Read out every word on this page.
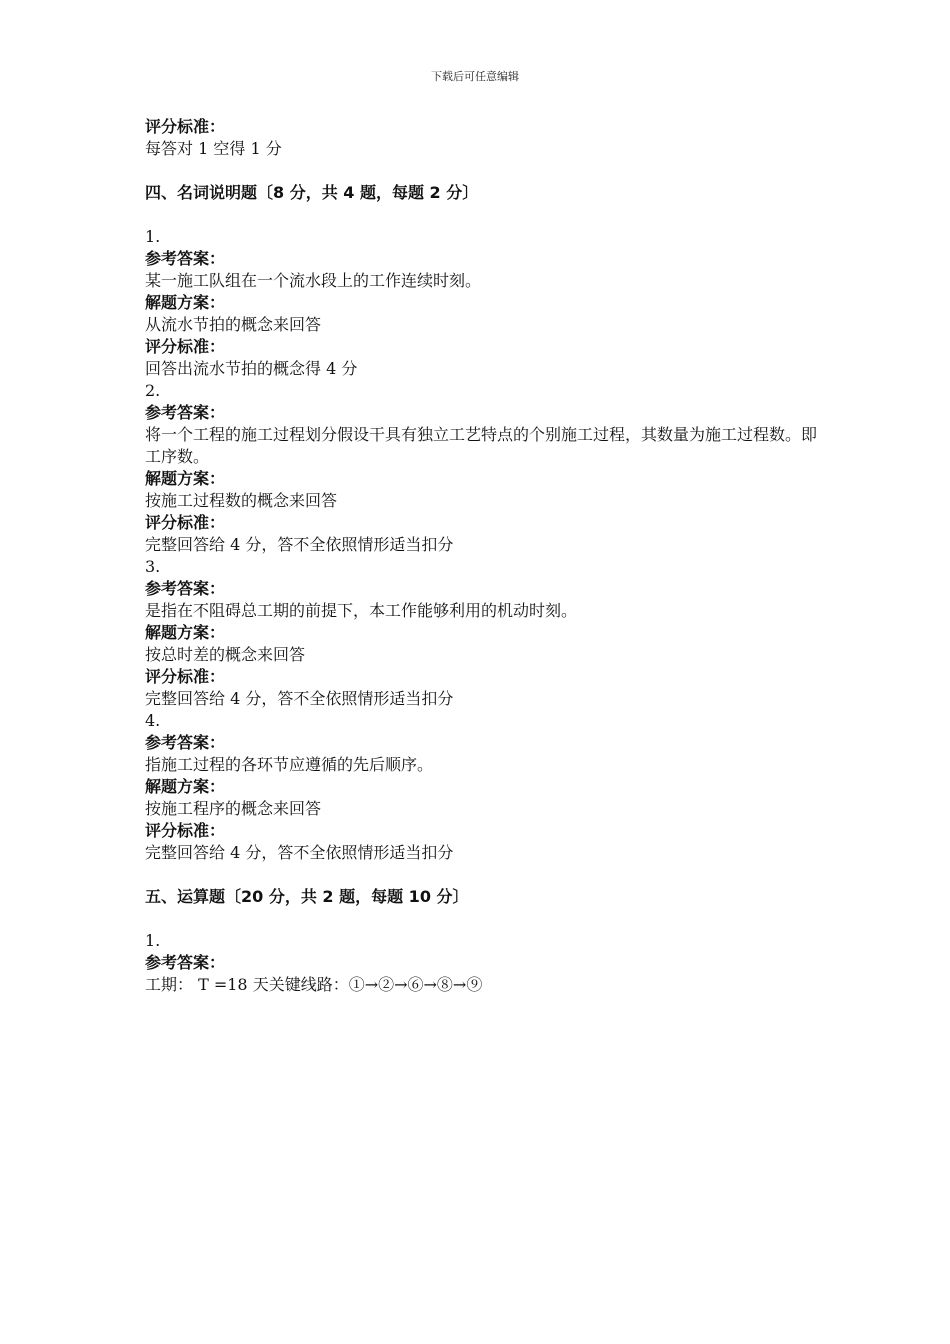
下载后可任意编辑

评分标准：

每答对 1 空得 1 分

四、名词说明题〔8 分，共 4 题，每题 2 分〕

1.

参考答案：

某一施工队组在一个流水段上的工作连续时刻。

解题方案：

从流水节拍的概念来回答

评分标准：

回答出流水节拍的概念得 4 分

2.

参考答案：

将一个工程的施工过程划分假设干具有独立工艺特点的个别施工过程，其数量为施工过程数。即工序数。

解题方案：

按施工过程数的概念来回答

评分标准：

完整回答给 4 分，答不全依照情形适当扣分

3.

参考答案：

是指在不阻碍总工期的前提下，本工作能够利用的机动时刻。

解题方案：

按总时差的概念来回答

评分标准：

完整回答给 4 分，答不全依照情形适当扣分

4.

参考答案：

指施工过程的各环节应遵循的先后顺序。

解题方案：

按施工程序的概念来回答

评分标准：

完整回答给 4 分，答不全依照情形适当扣分

五、运算题〔20 分，共 2 题，每题 10 分〕

1.

参考答案：

工期： T =18 天关键线路：①→②→⑥→⑧→⑨
